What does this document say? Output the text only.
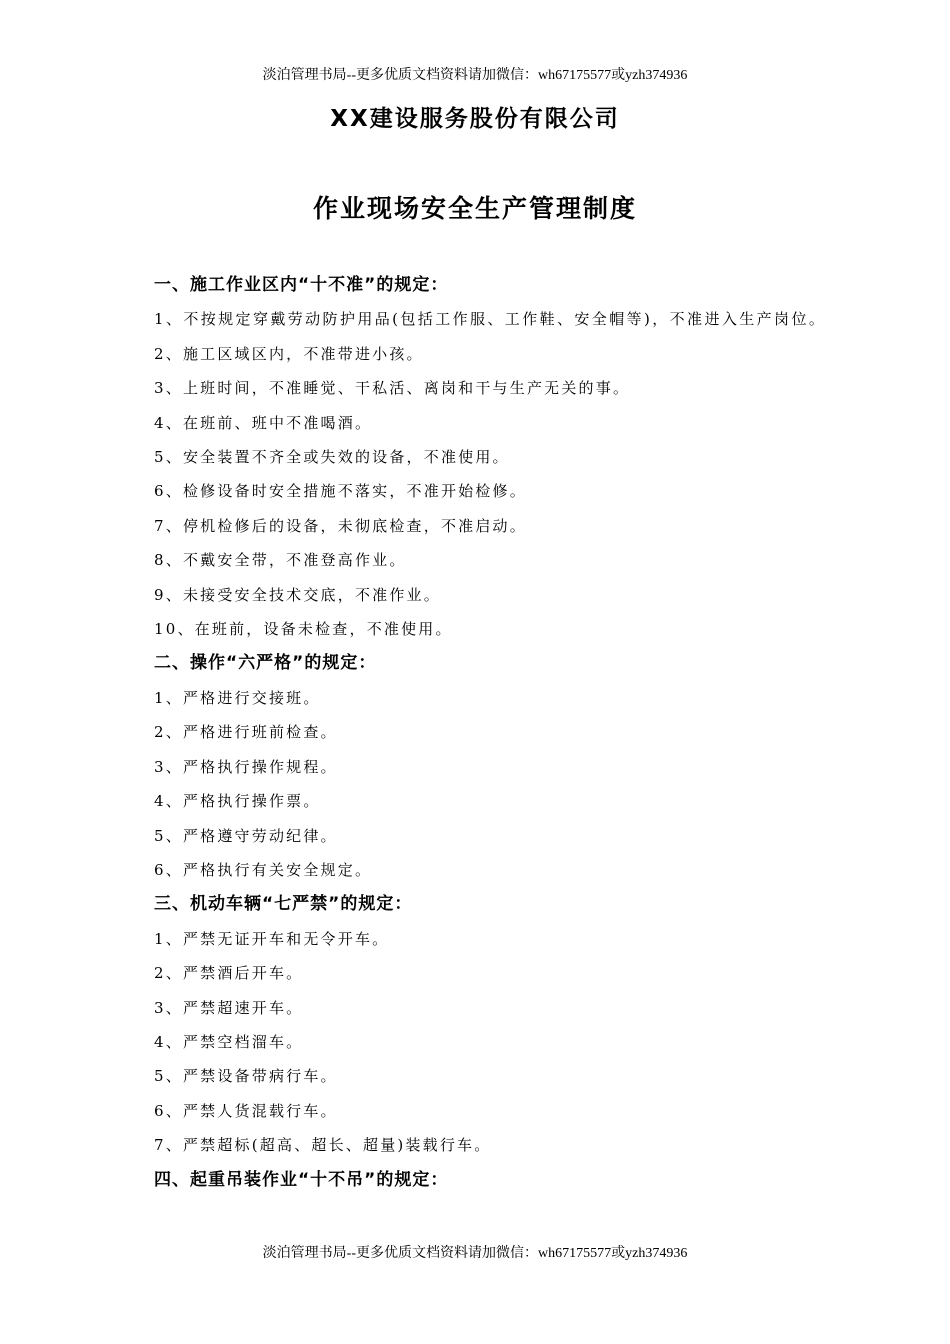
淡泊管理书局--更多优质文档资料请加微信：wh67175577或yzh374936
XX建设服务股份有限公司
作业现场安全生产管理制度
一、施工作业区内“十不准”的规定：
1、不按规定穿戴劳动防护用品(包括工作服、工作鞋、安全帽等)，不准进入生产岗位。
2、施工区域区内，不准带进小孩。
3、上班时间，不准睡觉、干私活、离岗和干与生产无关的事。
4、在班前、班中不准喝酒。
5、安全装置不齐全或失效的设备，不准使用。
6、检修设备时安全措施不落实，不准开始检修。
7、停机检修后的设备，未彻底检查，不准启动。
8、不戴安全带，不准登高作业。
9、未接受安全技术交底，不准作业。
10、在班前，设备未检查，不准使用。
二、操作“六严格”的规定：
1、严格进行交接班。
2、严格进行班前检查。
3、严格执行操作规程。
4、严格执行操作票。
5、严格遵守劳动纪律。
6、严格执行有关安全规定。
三、机动车辆“七严禁”的规定：
1、严禁无证开车和无令开车。
2、严禁酒后开车。
3、严禁超速开车。
4、严禁空档溜车。
5、严禁设备带病行车。
6、严禁人货混载行车。
7、严禁超标(超高、超长、超量)装载行车。
四、起重吊装作业“十不吊”的规定：
淡泊管理书局--更多优质文档资料请加微信：wh67175577或yzh374936
